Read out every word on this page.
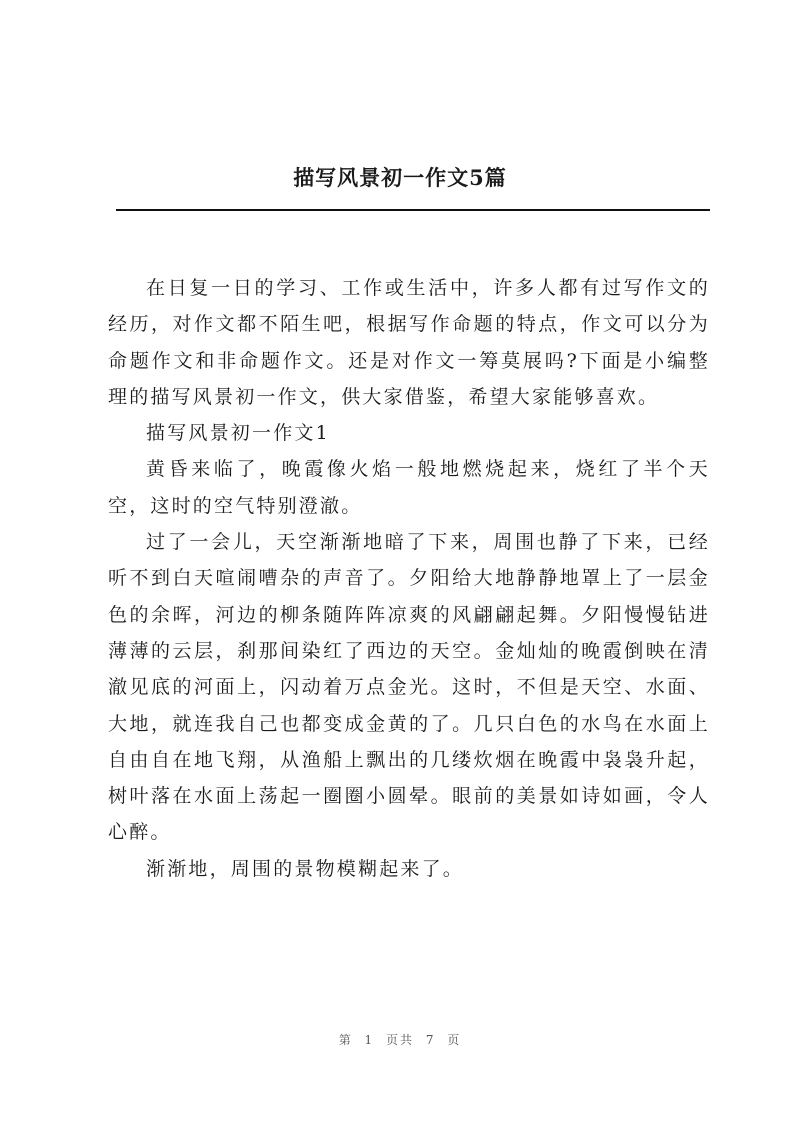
描写风景初一作文5篇

在日复一日的学习、工作或生活中，许多人都有过写作文的经历，对作文都不陌生吧，根据写作命题的特点，作文可以分为命题作文和非命题作文。还是对作文一筹莫展吗?下面是小编整理的描写风景初一作文，供大家借鉴，希望大家能够喜欢。

描写风景初一作文1

黄昏来临了，晚霞像火焰一般地燃烧起来，烧红了半个天空，这时的空气特别澄澈。

过了一会儿，天空渐渐地暗了下来，周围也静了下来，已经听不到白天喧闹嘈杂的声音了。夕阳给大地静静地罩上了一层金色的余晖，河边的柳条随阵阵凉爽的风翩翩起舞。夕阳慢慢钻进薄薄的云层，刹那间染红了西边的天空。金灿灿的晚霞倒映在清澈见底的河面上，闪动着万点金光。这时，不但是天空、水面、大地，就连我自己也都变成金黄的了。几只白色的水鸟在水面上自由自在地飞翔，从渔船上飘出的几缕炊烟在晚霞中袅袅升起，树叶落在水面上荡起一圈圈小圆晕。眼前的美景如诗如画，令人心醉。

渐渐地，周围的景物模糊起来了。

第 1 页共 7 页
